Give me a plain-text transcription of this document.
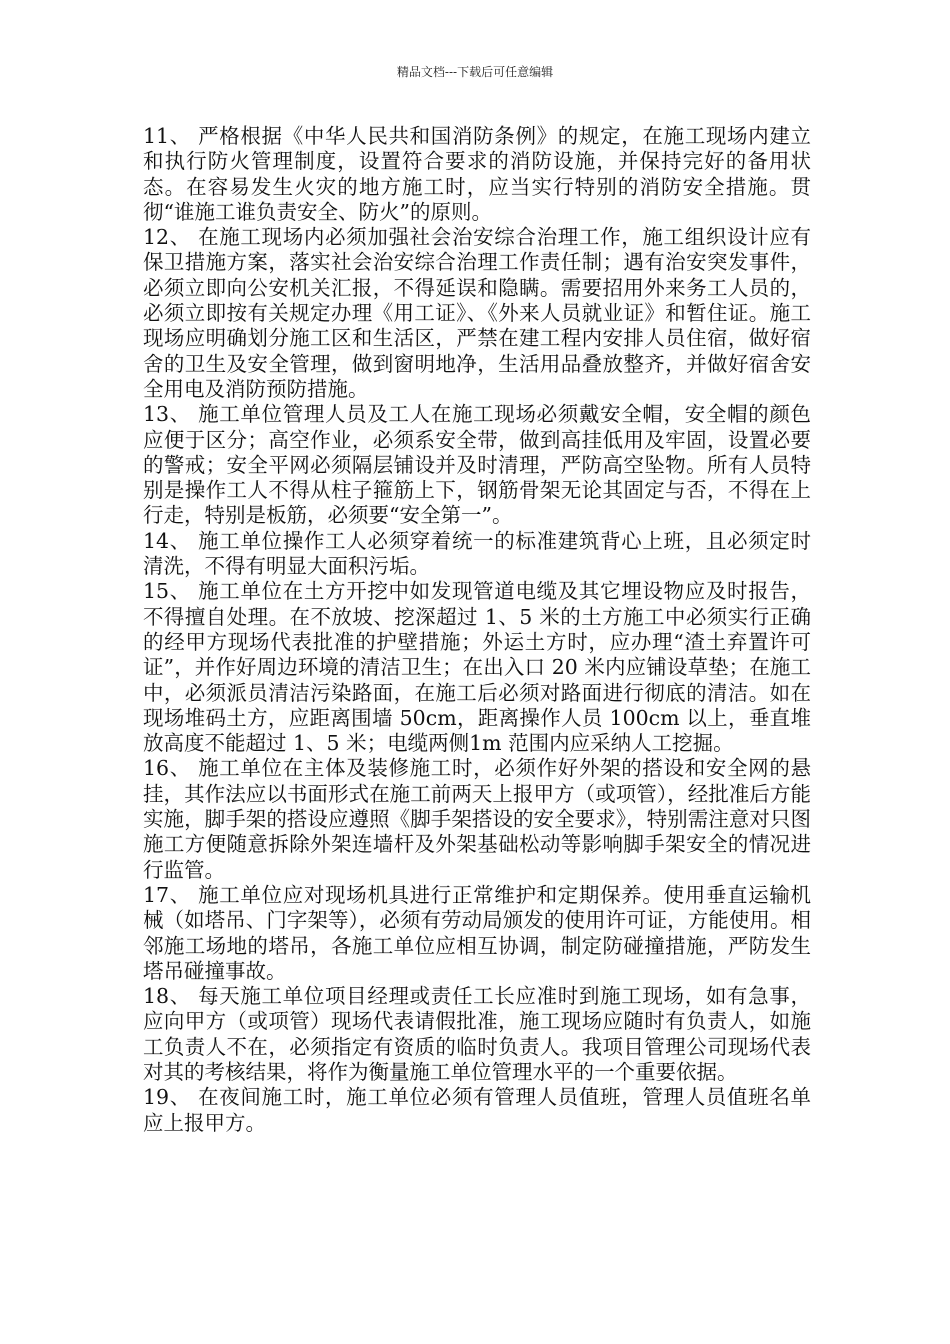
精品文档---下载后可任意编辑

11、 严格根据《中华人民共和国消防条例》的规定，在施工现场内建立和执行防火管理制度，设置符合要求的消防设施，并保持完好的备用状态。在容易发生火灾的地方施工时，应当实行特别的消防安全措施。贯彻“谁施工谁负责安全、防火”的原则。

12、 在施工现场内必须加强社会治安综合治理工作，施工组织设计应有保卫措施方案，落实社会治安综合治理工作责任制；遇有治安突发事件，必须立即向公安机关汇报，不得延误和隐瞒。需要招用外来务工人员的，必须立即按有关规定办理《用工证》、《外来人员就业证》和暂住证。施工现场应明确划分施工区和生活区，严禁在建工程内安排人员住宿，做好宿舍的卫生及安全管理，做到窗明地净，生活用品叠放整齐，并做好宿舍安全用电及消防预防措施。

13、 施工单位管理人员及工人在施工现场必须戴安全帽，安全帽的颜色应便于区分；高空作业，必须系安全带，做到高挂低用及牢固，设置必要的警戒；安全平网必须隔层铺设并及时清理，严防高空坠物。所有人员特别是操作工人不得从柱子箍筋上下，钢筋骨架无论其固定与否，不得在上行走，特别是板筋，必须要“安全第一”。

14、 施工单位操作工人必须穿着统一的标准建筑背心上班，且必须定时清洗，不得有明显大面积污垢。

15、 施工单位在土方开挖中如发现管道电缆及其它埋设物应及时报告，不得擅自处理。在不放坡、挖深超过 1、5 米的土方施工中必须实行正确的经甲方现场代表批准的护壁措施；外运土方时，应办理“渣土弃置许可证”，并作好周边环境的清洁卫生；在出入口 20 米内应铺设草垫；在施工中，必须派员清洁污染路面，在施工后必须对路面进行彻底的清洁。如在现场堆码土方，应距离围墙 50cm，距离操作人员 100cm 以上，垂直堆放高度不能超过 1、5 米；电缆两侧1m 范围内应采纳人工挖掘。

16、 施工单位在主体及装修施工时，必须作好外架的搭设和安全网的悬挂，其作法应以书面形式在施工前两天上报甲方（或项管），经批准后方能实施，脚手架的搭设应遵照《脚手架搭设的安全要求》，特别需注意对只图施工方便随意拆除外架连墙杆及外架基础松动等影响脚手架安全的情况进行监管。

17、 施工单位应对现场机具进行正常维护和定期保养。使用垂直运输机械（如塔吊、门字架等），必须有劳动局颁发的使用许可证，方能使用。相邻施工场地的塔吊，各施工单位应相互协调，制定防碰撞措施，严防发生塔吊碰撞事故。

18、 每天施工单位项目经理或责任工长应准时到施工现场，如有急事，应向甲方（或项管）现场代表请假批准，施工现场应随时有负责人，如施工负责人不在，必须指定有资质的临时负责人。我项目管理公司现场代表对其的考核结果，将作为衡量施工单位管理水平的一个重要依据。

19、 在夜间施工时，施工单位必须有管理人员值班，管理人员值班名单应上报甲方。
